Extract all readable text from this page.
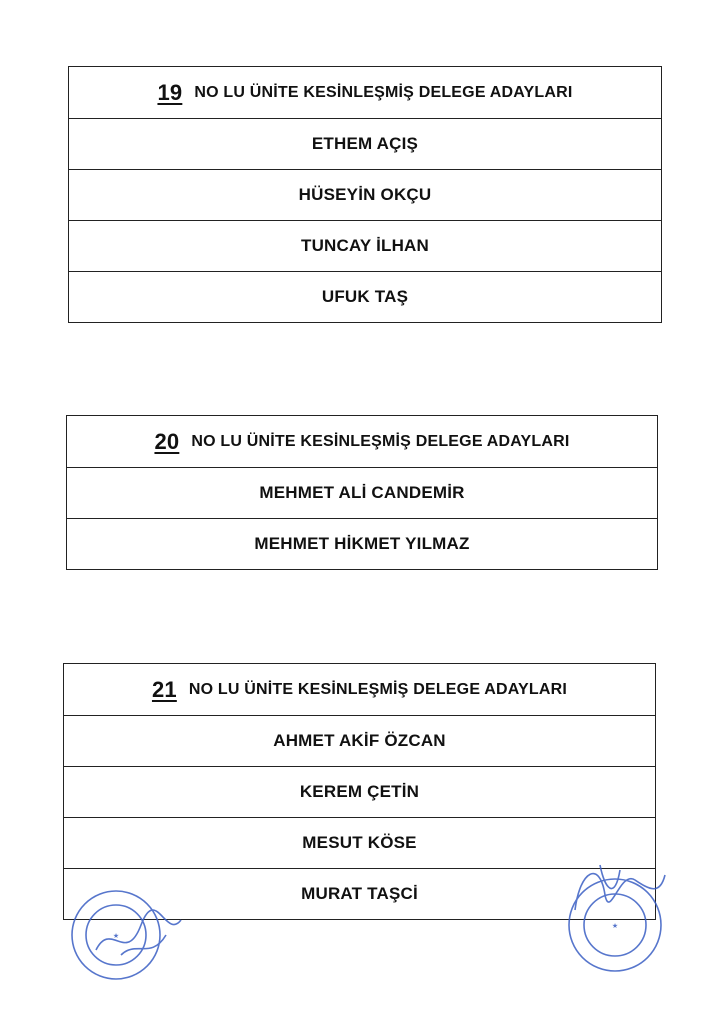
19 NO LU ÜNİTE KESİNLEŞMİŞ DELEGE ADAYLARI
ETHEM AÇIŞ
HÜSEYİN OKÇU
TUNCAY İLHAN
UFUK TAŞ
20 NO LU ÜNİTE KESİNLEŞMİŞ DELEGE ADAYLARI
MEHMET ALİ CANDEMİR
MEHMET HİKMET YILMAZ
21 NO LU ÜNİTE KESİNLEŞMİŞ DELEGE ADAYLARI
AHMET AKİF ÖZCAN
KEREM ÇETİN
MESUT KÖSE
MURAT TAŞCİ
★
★
